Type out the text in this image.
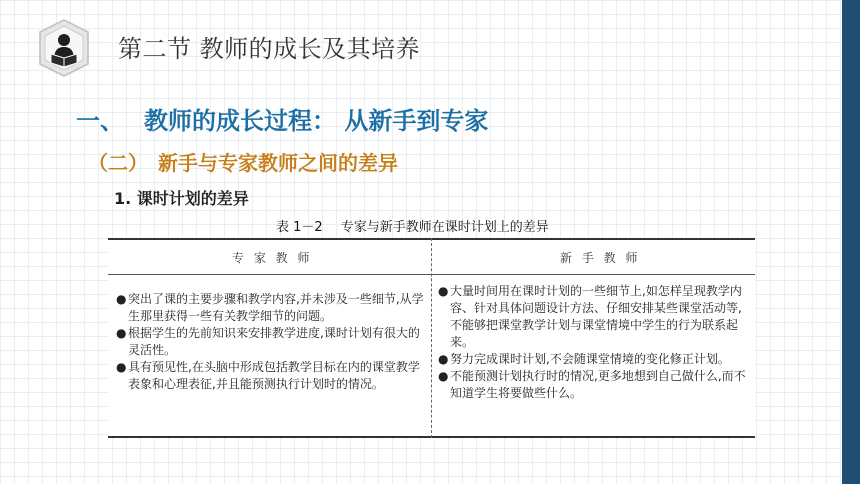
第二节 教师的成长及其培养
一、 教师的成长过程： 从新手到专家
（二） 新手与专家教师之间的差异
1. 课时计划的差异
表 1－2 专家与新手教师在课时计划上的差异
专 家 教 师	新 手 教 师

● 突出了课的主要步骤和教学内容,并未涉及一些细节,从学生那里获得一些有关教学细节的问题。

● 根据学生的先前知识来安排教学进度,课时计划有很大的灵活性。

● 具有预见性,在头脑中形成包括教学目标在内的课堂教学表象和心理表征,并且能预测执行计划时的情况。

● 大量时间用在课时计划的一些细节上,如怎样呈现教学内容、针对具体问题设计方法、仔细安排某些课堂活动等,不能够把课堂教学计划与课堂情境中学生的行为联系起来。

● 努力完成课时计划,不会随课堂情境的变化修正计划。

● 不能预测计划执行时的情况,更多地想到自己做什么,而不知道学生将要做些什么。
